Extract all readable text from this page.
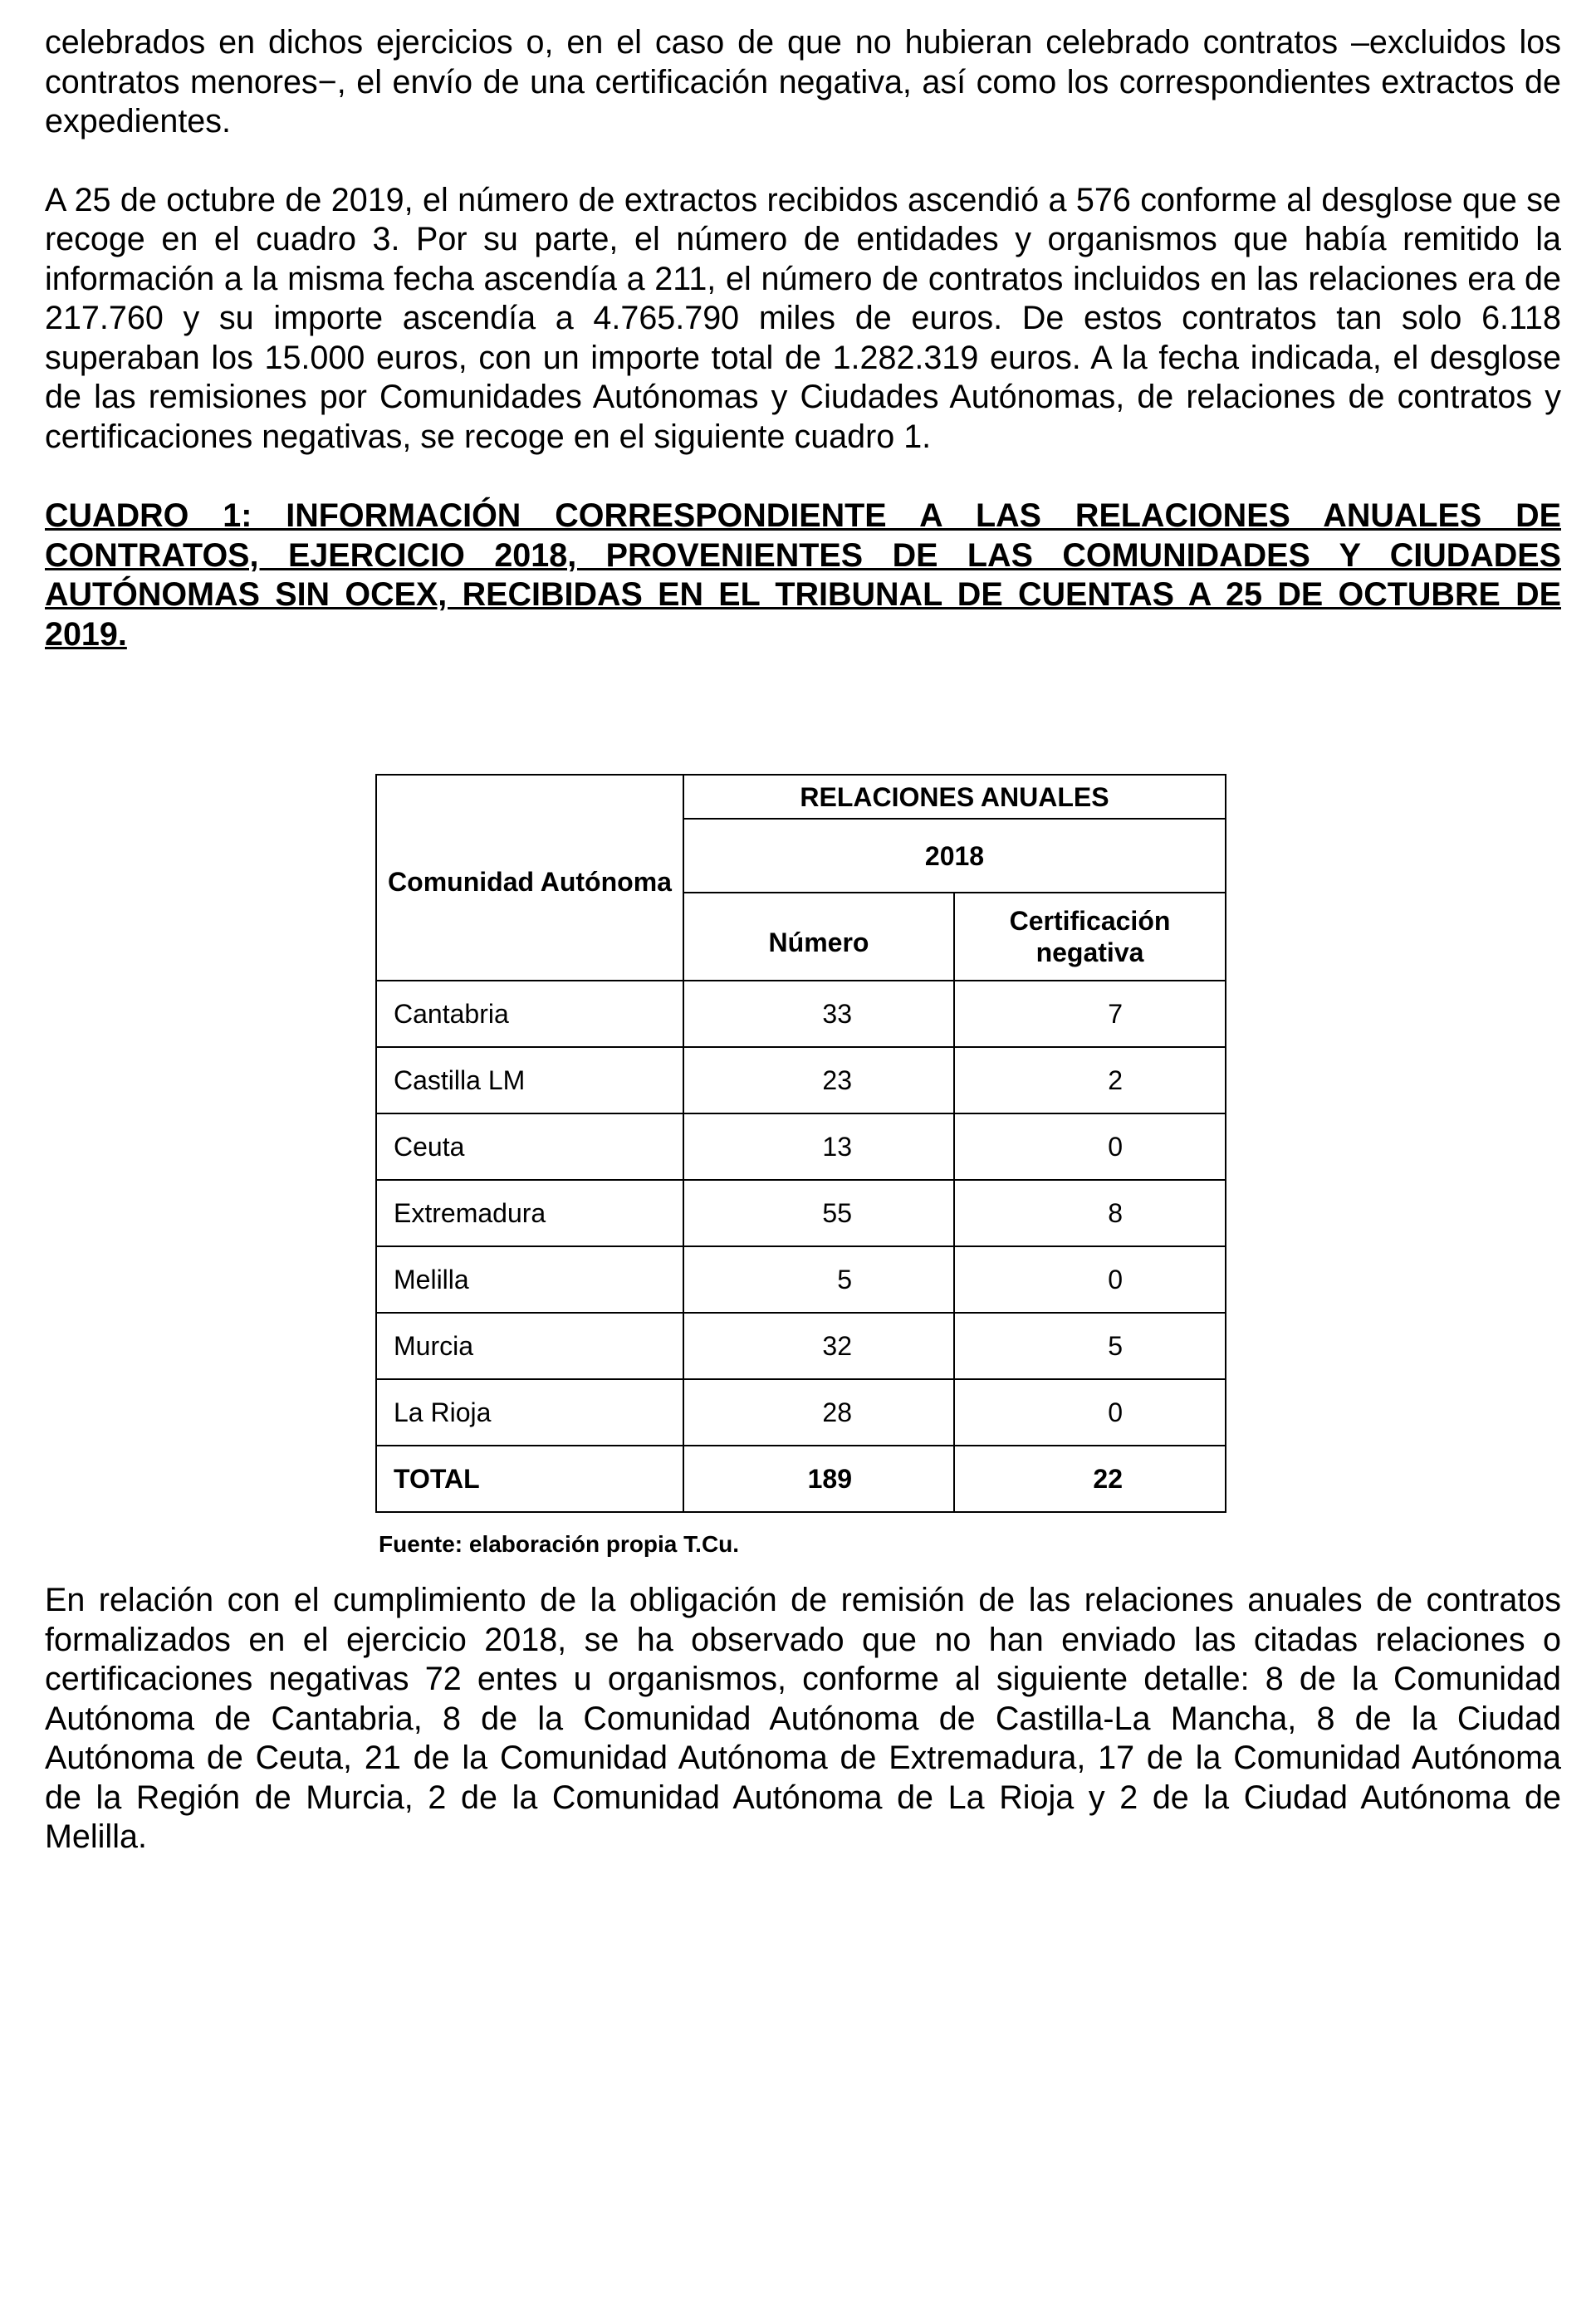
celebrados en dichos ejercicios o, en el caso de que no hubieran celebrado contratos –excluidos los contratos menores−, el envío de una certificación negativa, así como los correspondientes extractos de expedientes.

A 25 de octubre de 2019, el número de extractos recibidos ascendió a 576 conforme al desglose que se recoge en el cuadro 3. Por su parte, el número de entidades y organismos que había remitido la información a la misma fecha ascendía a 211, el número de contratos incluidos en las relaciones era de 217.760 y su importe ascendía a 4.765.790 miles de euros. De estos contratos tan solo 6.118 superaban los 15.000 euros, con un importe total de 1.282.319 euros. A la fecha indicada, el desglose de las remisiones por Comunidades Autónomas y Ciudades Autónomas, de relaciones de contratos y certificaciones negativas, se recoge en el siguiente cuadro 1.

CUADRO 1: INFORMACIÓN CORRESPONDIENTE A LAS RELACIONES ANUALES DE CONTRATOS, EJERCICIO 2018, PROVENIENTES DE LAS COMUNIDADES Y CIUDADES AUTÓNOMAS SIN OCEX, RECIBIDAS EN EL TRIBUNAL DE CUENTAS A 25 DE OCTUBRE DE 2019.

Comunidad Autónoma	RELACIONES ANUALES	
	2018	
	Número	Certificación negativa
Cantabria	33	7
Castilla LM	23	2
Ceuta	13	0
Extremadura	55	8
Melilla	5	0
Murcia	32	5
La Rioja	28	0
TOTAL	189	22
Fuente: elaboración propia T.Cu.

En relación con el cumplimiento de la obligación de remisión de las relaciones anuales de contratos formalizados en el ejercicio 2018, se ha observado que no han enviado las citadas relaciones o certificaciones negativas 72 entes u organismos, conforme al siguiente detalle: 8 de la Comunidad Autónoma de Cantabria, 8 de la Comunidad Autónoma de Castilla-La Mancha, 8 de la Ciudad Autónoma de Ceuta, 21 de la Comunidad Autónoma de Extremadura, 17 de la Comunidad Autónoma de la Región de Murcia, 2 de la Comunidad Autónoma de La Rioja y 2 de la Ciudad Autónoma de Melilla.
